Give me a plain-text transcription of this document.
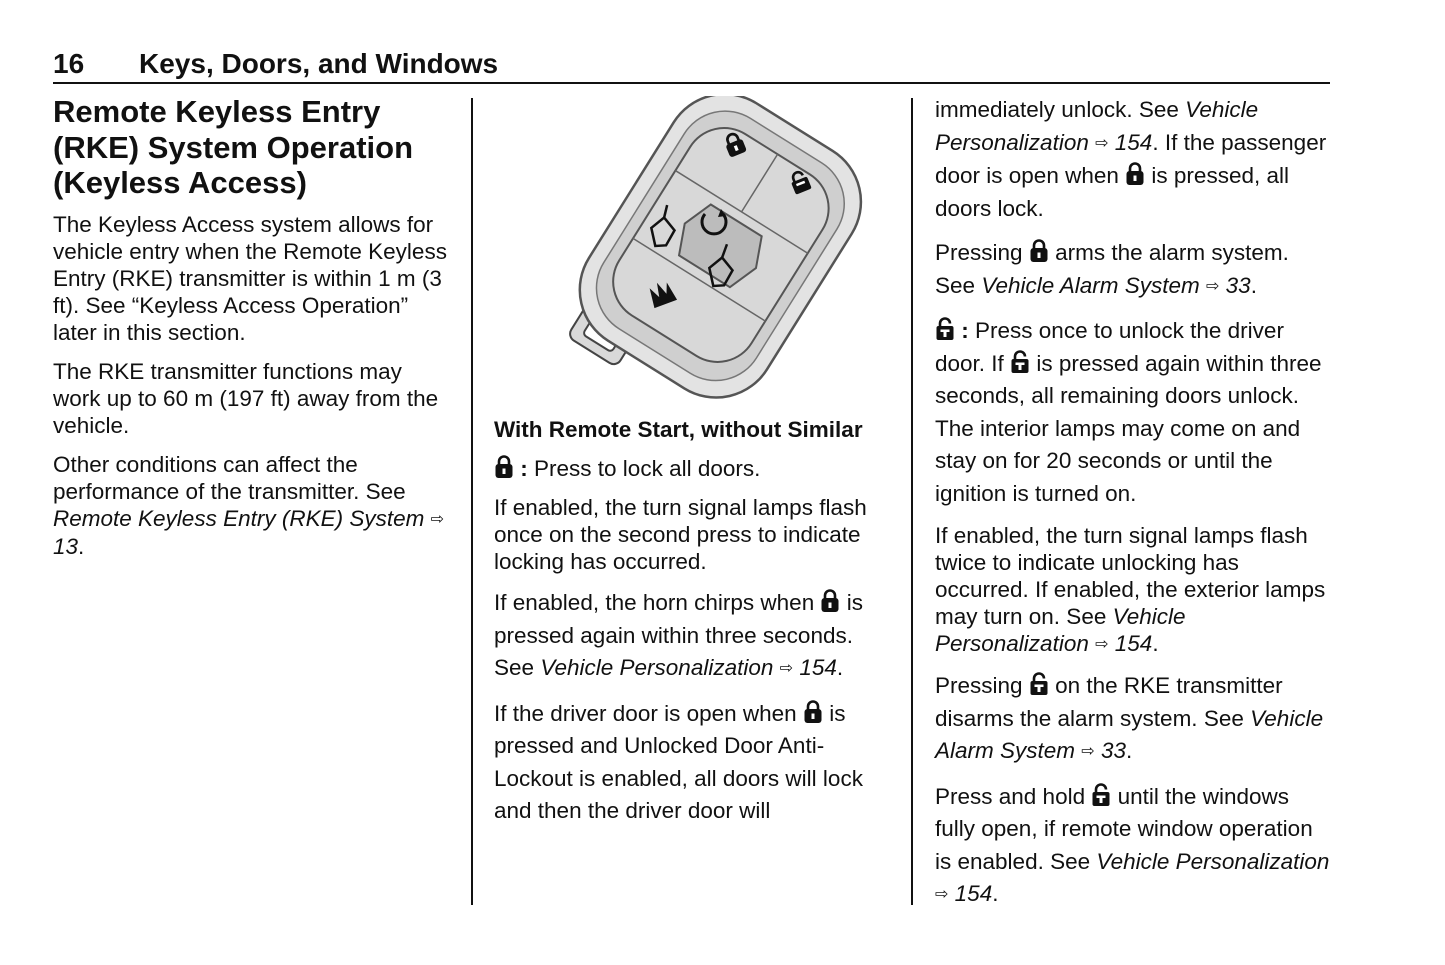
16 Keys, Doors, and Windows
Remote Keyless Entry (RKE) System Operation (Keyless Access)

The Keyless Access system allows for vehicle entry when the Remote Keyless Entry (RKE) transmitter is within 1 m (3 ft). See “Keyless Access Operation” later in this section.

The RKE transmitter functions may work up to 60 m (197 ft) away from the vehicle.

Other conditions can affect the performance of the transmitter. See Remote Keyless Entry (RKE) System ⇨ 13.

With Remote Start, without Similar

: Press to lock all doors.

If enabled, the turn signal lamps flash once on the second press to indicate locking has occurred.

If enabled, the horn chirps when is pressed again within three seconds. See Vehicle Personalization ⇨ 154.

If the driver door is open when is pressed and Unlocked Door Anti-Lockout is enabled, all doors will lock and then the driver door will

immediately unlock. See Vehicle Personalization ⇨ 154. If the passenger door is open when is pressed, all doors lock.

Pressing arms the alarm system. See Vehicle Alarm System ⇨ 33.

: Press once to unlock the driver door. If is pressed again within three seconds, all remaining doors unlock. The interior lamps may come on and stay on for 20 seconds or until the ignition is turned on.

If enabled, the turn signal lamps flash twice to indicate unlocking has occurred. If enabled, the exterior lamps may turn on. See Vehicle Personalization ⇨ 154.

Pressing on the RKE transmitter disarms the alarm system. See Vehicle Alarm System ⇨ 33.

Press and hold until the windows fully open, if remote window operation is enabled. See Vehicle Personalization ⇨ 154.
